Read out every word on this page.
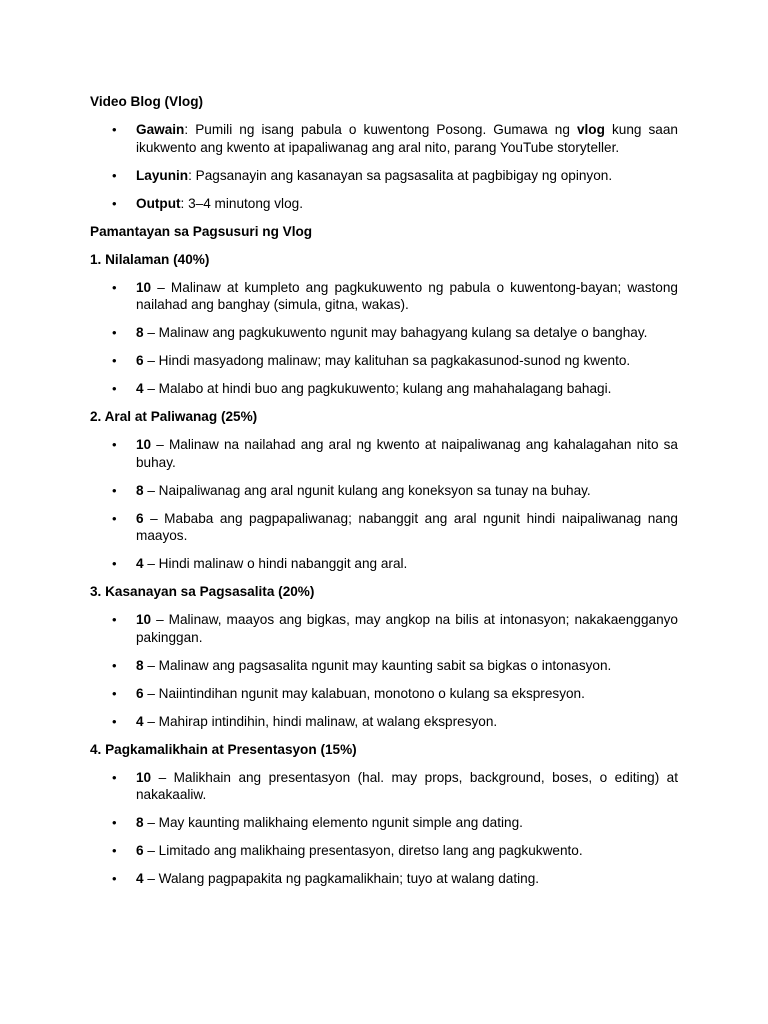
Video Blog (Vlog)
• Gawain: Pumili ng isang pabula o kuwentong Posong. Gumawa ng vlog kung saan ikukwento ang kwento at ipapaliwanag ang aral nito, parang YouTube storyteller.
• Layunin: Pagsanayin ang kasanayan sa pagsasalita at pagbibigay ng opinyon.
• Output: 3–4 minutong vlog.
Pamantayan sa Pagsusuri ng Vlog
1. Nilalaman (40%)
• 10 – Malinaw at kumpleto ang pagkukuwento ng pabula o kuwentong-bayan; wastong nailahad ang banghay (simula, gitna, wakas).
• 8 – Malinaw ang pagkukuwento ngunit may bahagyang kulang sa detalye o banghay.
• 6 – Hindi masyadong malinaw; may kalituhan sa pagkakasunod-sunod ng kwento.
• 4 – Malabo at hindi buo ang pagkukuwento; kulang ang mahahalagang bahagi.
2. Aral at Paliwanag (25%)
• 10 – Malinaw na nailahad ang aral ng kwento at naipaliwanag ang kahalagahan nito sa buhay.
• 8 – Naipaliwanag ang aral ngunit kulang ang koneksyon sa tunay na buhay.
• 6 – Mababa ang pagpapaliwanag; nabanggit ang aral ngunit hindi naipaliwanag nang maayos.
• 4 – Hindi malinaw o hindi nabanggit ang aral.
3. Kasanayan sa Pagsasalita (20%)
• 10 – Malinaw, maayos ang bigkas, may angkop na bilis at intonasyon; nakakaengganyo pakinggan.
• 8 – Malinaw ang pagsasalita ngunit may kaunting sabit sa bigkas o intonasyon.
• 6 – Naiintindihan ngunit may kalabuan, monotono o kulang sa ekspresyon.
• 4 – Mahirap intindihin, hindi malinaw, at walang ekspresyon.
4. Pagkamalikhain at Presentasyon (15%)
• 10 – Malikhain ang presentasyon (hal. may props, background, boses, o editing) at nakakaaliw.
• 8 – May kaunting malikhaing elemento ngunit simple ang dating.
• 6 – Limitado ang malikhaing presentasyon, diretso lang ang pagkukwento.
• 4 – Walang pagpapakita ng pagkamalikhain; tuyo at walang dating.
